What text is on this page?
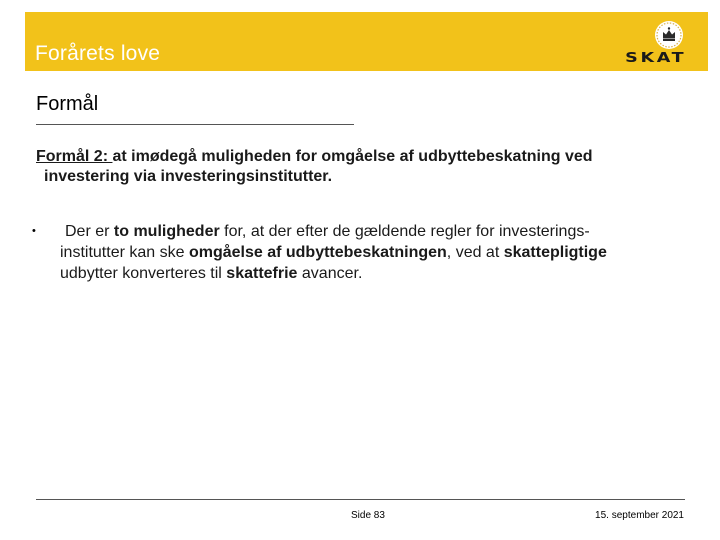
Forårets love	SKAT
Formål
Formål 2: at imødegå muligheden for omgåelse af udbyttebeskatning ved
investering via investeringsinstitutter.
•	Der er to muligheder for, at der efter de gældende regler for investerings-
institutter kan ske omgåelse af udbyttebeskatningen, ved at skattepligtige
udbytter konverteres til skattefrie avancer.
Side 83	15. september 2021
